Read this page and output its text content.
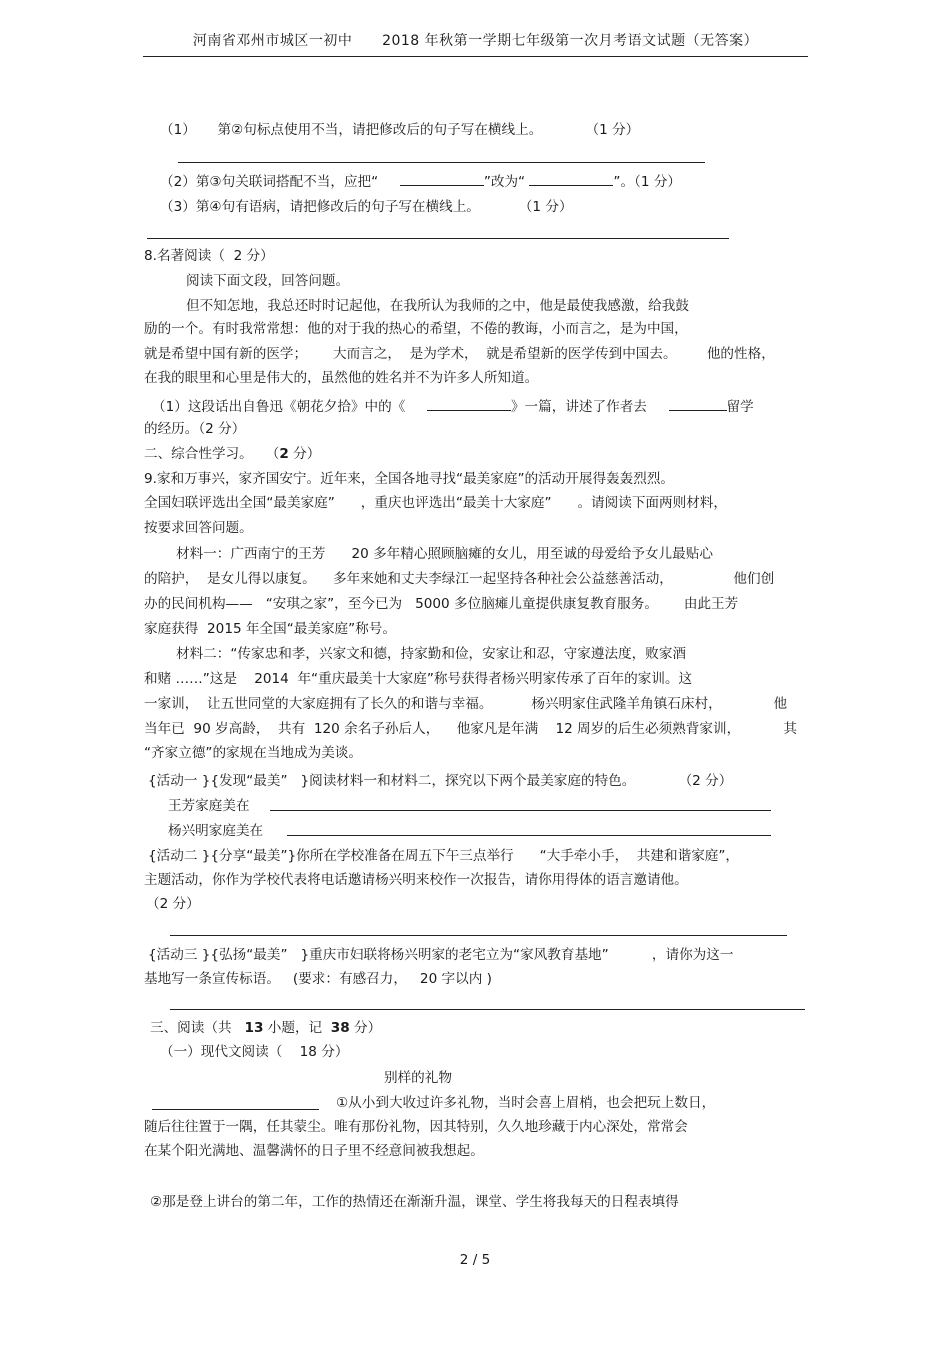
河南省邓州市城区一初中 2018 年秋第一学期七年级第一次月考语文试题（无答案）
（1） 第②句标点使用不当，请把修改后的句子写在横线上。	（1 分）
（2）第③句关联词搭配不当，应把“	”改为“	”。（1 分）
（3）第④句有语病，请把修改后的句子写在横线上。	（1 分）
8.名著阅读（  2 分）
阅读下面文段，回答问题。
但不知怎地，我总还时时记起他，在我所认为我师的之中，他是最使我感激，给我鼓
励的一个。有时我常常想：他的对于我的热心的希望，不倦的教诲，小而言之，是为中国，
就是希望中国有新的医学；      大而言之，  是为学术，  就是希望新的医学传到中国去。       他的性格，
在我的眼里和心里是伟大的，虽然他的姓名并不为许多人所知道。
（1）这段话出自鲁迅《朝花夕拾》中的《	》一篇，讲述了作者去	留学
的经历。（2 分）
二、综合性学习。   （2 分）
9.家和万事兴，家齐国安宁。近年来，全国各地寻找“最美家庭”的活动开展得轰轰烈烈。
全国妇联评选出全国“最美家庭”      ，重庆也评选出“最美十大家庭”      。请阅读下面两则材料，
按要求回答问题。
材料一：广西南宁的王芳      20 多年精心照顾脑瘫的女儿，用至诚的母爱给予女儿最贴心
的陪护，  是女儿得以康复。    多年来她和丈夫李绿江一起坚持各种社会公益慈善活动，              他们创
办的民间机构——   “安琪之家”，至今已为   5000 多位脑瘫儿童提供康复教育服务。      由此王芳
家庭获得  2015 年全国“最美家庭”称号。
材料二：“传家忠和孝，兴家文和德，持家勤和俭，安家让和忍，守家遵法度，败家酒
和赌 ……”这是    2014  年“重庆最美十大家庭”称号获得者杨兴明家传承了百年的家训。这
一家训，  让五世同堂的大家庭拥有了长久的和谐与幸福。         杨兴明家住武隆羊角镇石床村，            他
当年已  90 岁高龄，  共有  120 余名子孙后人，    他家凡是年满    12 周岁的后生必须熟背家训，          其
“齐家立德”的家规在当地成为美谈。
{活动一 }{发现“最美”   }阅读材料一和材料二，探究以下两个最美家庭的特色。	（2 分）
王芳家庭美在
杨兴明家庭美在
{活动二 }{分享“最美”}你所在学校准备在周五下午三点举行      “大手牵小手，  共建和谐家庭”，
主题活动，你作为学校代表将电话邀请杨兴明来校作一次报告，请你用得体的语言邀请他。
（2 分）
{活动三 }{弘扬“最美”   }重庆市妇联将杨兴明家的老宅立为“家风教育基地”          ，请你为这一
基地写一条宣传标语。   (要求：有感召力，   20 字以内 )
三、阅读（共   13 小题，记  38 分）
（一）现代文阅读（    18 分）
别样的礼物
①从小到大收过许多礼物，当时会喜上眉梢，也会把玩上数日，
随后往往置于一隅，任其蒙尘。唯有那份礼物，因其特别，久久地珍藏于内心深处，常常会
在某个阳光满地、温馨满怀的日子里不经意间被我想起。
②那是登上讲台的第二年，工作的热情还在渐渐升温，课堂、学生将我每天的日程表填得
2 / 5
